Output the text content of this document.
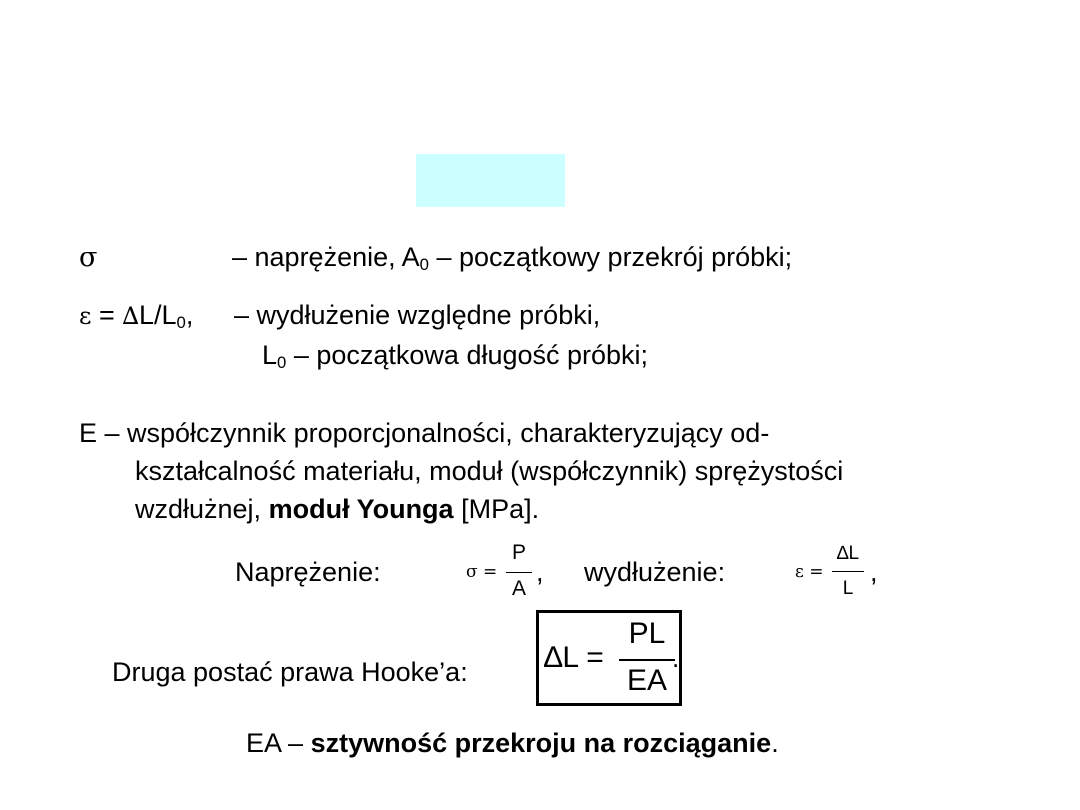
σ	– naprężenie, $A_0$ – początkowy przekrój próbki;
$\varepsilon = \Delta L/L_0$, – wydłużenie względne próbki,
$L_0$ – początkowa długość próbki;
E – współczynnik proporcjonalności, charakteryzujący od-
kształcalność materiału, moduł (współczynnik) sprężystości
wzdłużnej, moduł Younga [MPa].
Naprężenie:	σ =
P
A
, wydłużenie:	ε =
∆L
L
,
Druga postać prawa Hooke’a:	∆L =
PL
EA
.
EA – sztywność przekroju na rozciąganie.
